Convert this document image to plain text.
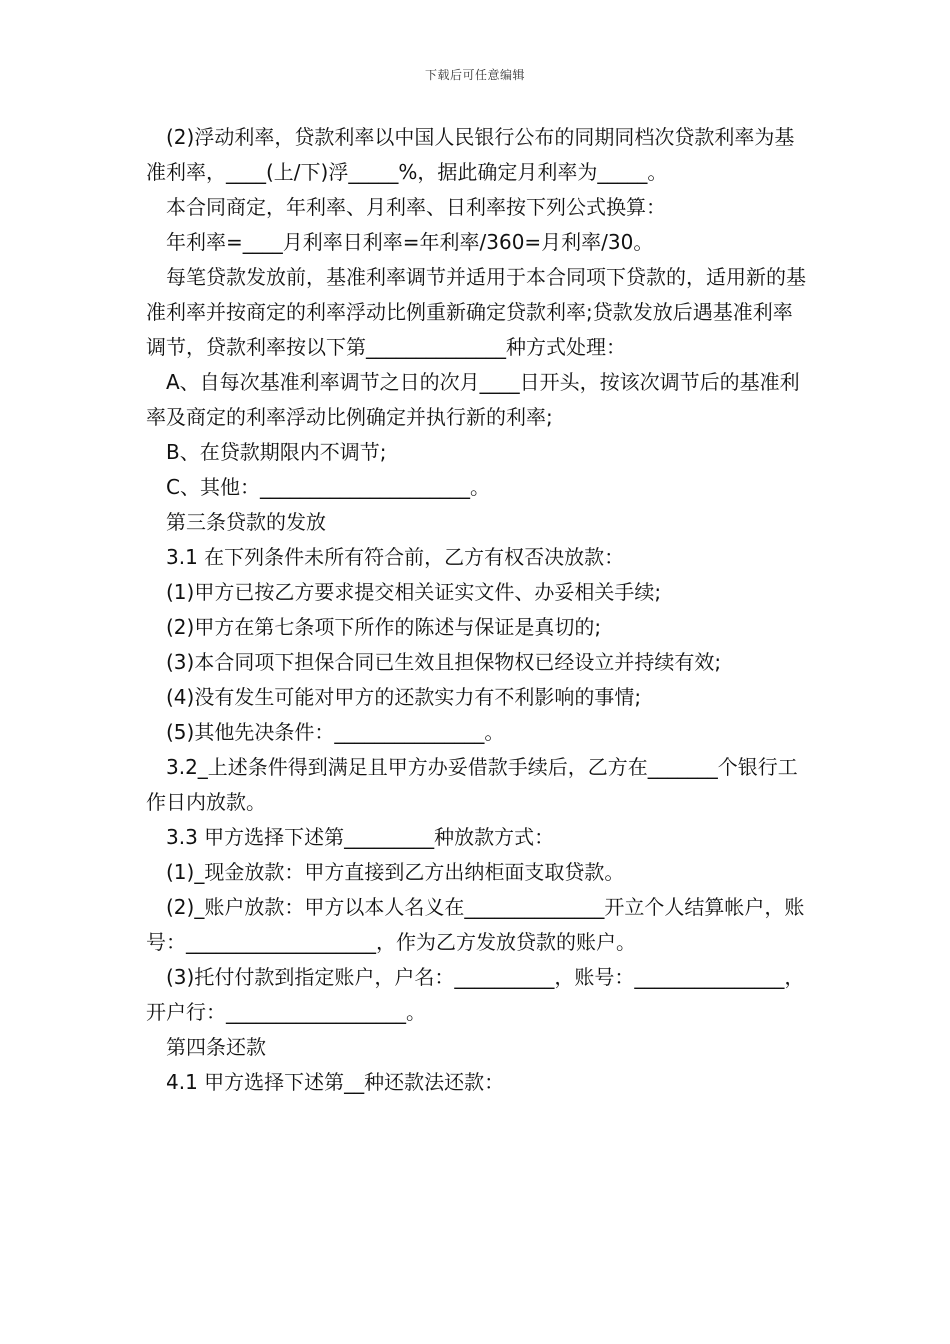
下载后可任意编辑

(2)浮动利率，贷款利率以中国人民银行公布的同期同档次贷款利率为基准利率，____(上/下)浮_____%，据此确定月利率为_____。

本合同商定，年利率、月利率、日利率按下列公式换算：

年利率=____月利率日利率=年利率/360=月利率/30。

每笔贷款发放前，基准利率调节并适用于本合同项下贷款的，适用新的基准利率并按商定的利率浮动比例重新确定贷款利率;贷款发放后遇基准利率调节，贷款利率按以下第______________种方式处理：

A、自每次基准利率调节之日的次月____日开头，按该次调节后的基准利率及商定的利率浮动比例确定并执行新的利率;

B、在贷款期限内不调节;

C、其他：_____________________。

第三条贷款的发放

3.1 在下列条件未所有符合前，乙方有权否决放款：

(1)甲方已按乙方要求提交相关证实文件、办妥相关手续;

(2)甲方在第七条项下所作的陈述与保证是真切的;

(3)本合同项下担保合同已生效且担保物权已经设立并持续有效;

(4)没有发生可能对甲方的还款实力有不利影响的事情;

(5)其他先决条件：_______________。

3.2_上述条件得到满足且甲方办妥借款手续后，乙方在_______个银行工作日内放款。

3.3 甲方选择下述第_________种放款方式：

(1)_现金放款：甲方直接到乙方出纳柜面支取贷款。

(2)_账户放款：甲方以本人名义在______________开立个人结算帐户，账号：___________________，作为乙方发放贷款的账户。

(3)托付付款到指定账户，户名：__________，账号：_______________，开户行：__________________。

第四条还款

4.1 甲方选择下述第__种还款法还款：
